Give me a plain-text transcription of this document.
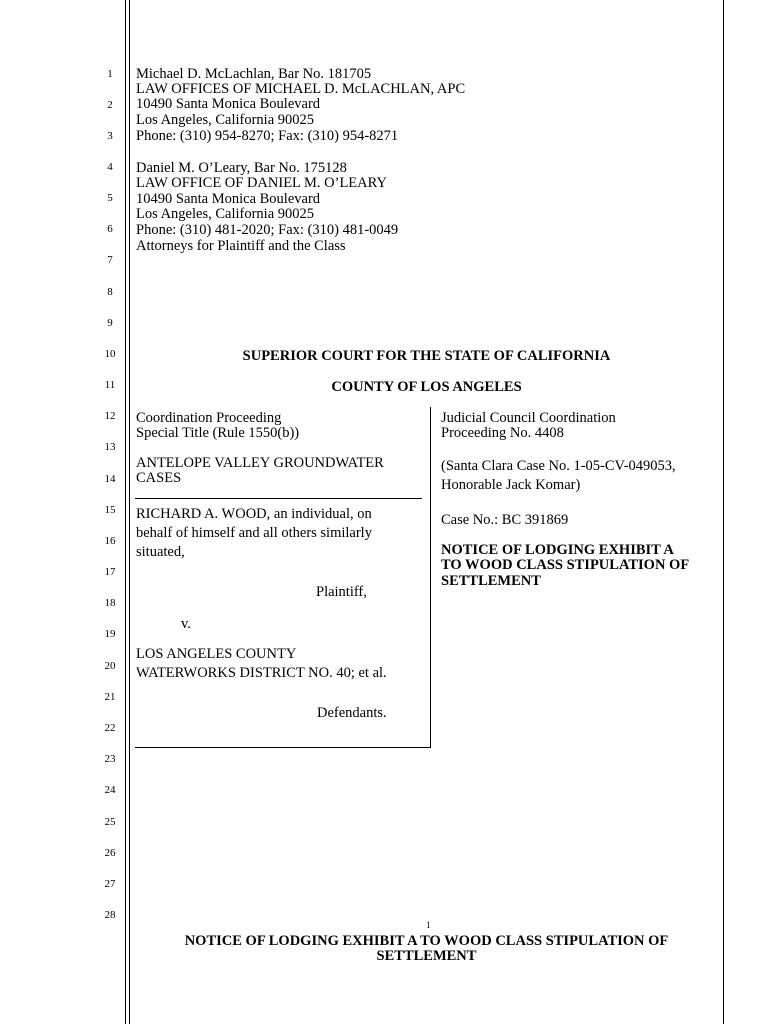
1
2
3
4
5
6
7
8
9
10
11
12
13
14
15
16
17
18
19
20
21
22
23
24
25
26
27
28
Michael D. McLachlan, Bar No. 181705
LAW OFFICES OF MICHAEL D. McLACHLAN, APC
10490 Santa Monica Boulevard
Los Angeles, California 90025
Phone: (310) 954-8270; Fax: (310) 954-8271
Daniel M. O’Leary, Bar No. 175128
LAW OFFICE OF DANIEL M. O’LEARY
10490 Santa Monica Boulevard
Los Angeles, California 90025
Phone: (310) 481-2020; Fax: (310) 481-0049
Attorneys for Plaintiff and the Class
SUPERIOR COURT FOR THE STATE OF CALIFORNIA
COUNTY OF LOS ANGELES
Coordination Proceeding
Special Title (Rule 1550(b))
ANTELOPE VALLEY GROUNDWATER
CASES
RICHARD A. WOOD, an individual, on
behalf of himself and all others similarly
situated,
Plaintiff,
v.
LOS ANGELES COUNTY
WATERWORKS DISTRICT NO. 40; et al.
Defendants.
Judicial Council Coordination
Proceeding No. 4408
(Santa Clara Case No. 1-05-CV-049053,
Honorable Jack Komar)
Case No.: BC 391869
NOTICE OF LODGING EXHIBIT A
TO WOOD CLASS STIPULATION OF
SETTLEMENT
1
NOTICE OF LODGING EXHIBIT A TO WOOD CLASS STIPULATION OF
SETTLEMENT
